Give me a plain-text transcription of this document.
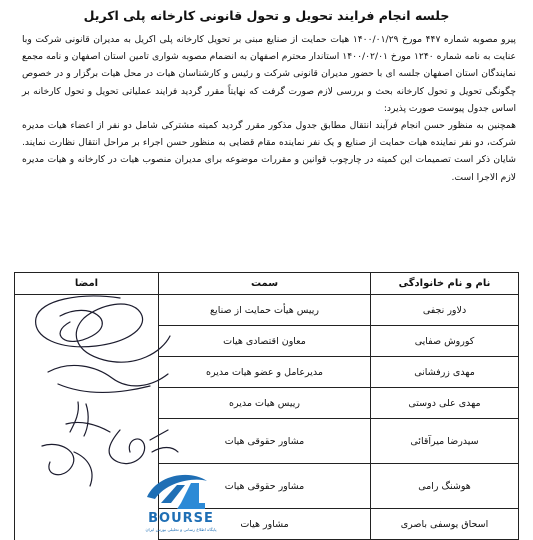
جلسه انجام فرایند تحویل و تحول قانونی کارخانه پلی اکریل

پیرو مصوبه شماره ۴۴۷ مورخ ۱۴۰۰/۰۱/۲۹ هیات حمایت از صنایع مبنی بر تحویل کارخانه پلی اکریل به مدیران قانونی شرکت وبا عنایت به نامه شماره ۱۲۴۰ مورخ ۱۴۰۰/۰۲/۰۱ استاندار محترم اصفهان به انضمام مصوبه شواری تامین استان اصفهان و نامه مجمع نمایندگان استان اصفهان جلسه ای با حضور مدیران قانونی شرکت و رئیس و کارشناسان هیات در محل هیات برگزار و در خصوص چگونگی تحویل و تحول کارخانه بحث و بررسی لازم صورت گرفت که نهایتاً مقرر گردید فرایند عملیاتی تحویل و تحول کارخانه بر اساس جدول پیوست صورت پذیرد:

همچنین به منظور حسن انجام فرآیند انتقال مطابق جدول مذکور مقرر گردید کمیته مشترکی شامل دو نفر از اعضاء هیات مدیره شرکت، دو نفر نماینده هیات حمایت از صنایع و یک نفر نماینده مقام قضایی به منظور حسن اجراء بر مراحل انتقال نظارت نمایند. شایان ذکر است تصمیمات این کمیته در چارچوب قوانین و مقررات موضوعه برای مدیران منصوب هیات در کارخانه و هیات مدیره لازم الاجرا است.

نام و نام خانوادگی	سمت	امضا
دلاور نجفی	رییس هیأت حمایت از صنایع	
کوروش صفایی	معاون اقتصادی هیات	
مهدی زرفشانی	مدیرعامل و عضو هیات مدیره	
مهدی علی دوستی	رییس هیات مدیره	
سیدرضا میرآقائی	مشاور حقوقی هیات	
هوشنگ رامی	مشاور حقوقی هیات	
اسحاق یوسفی باصری	مشاور هیات	
BOURSE
پایگاه اطلاع رسانی و تحلیلی بورس ایران
